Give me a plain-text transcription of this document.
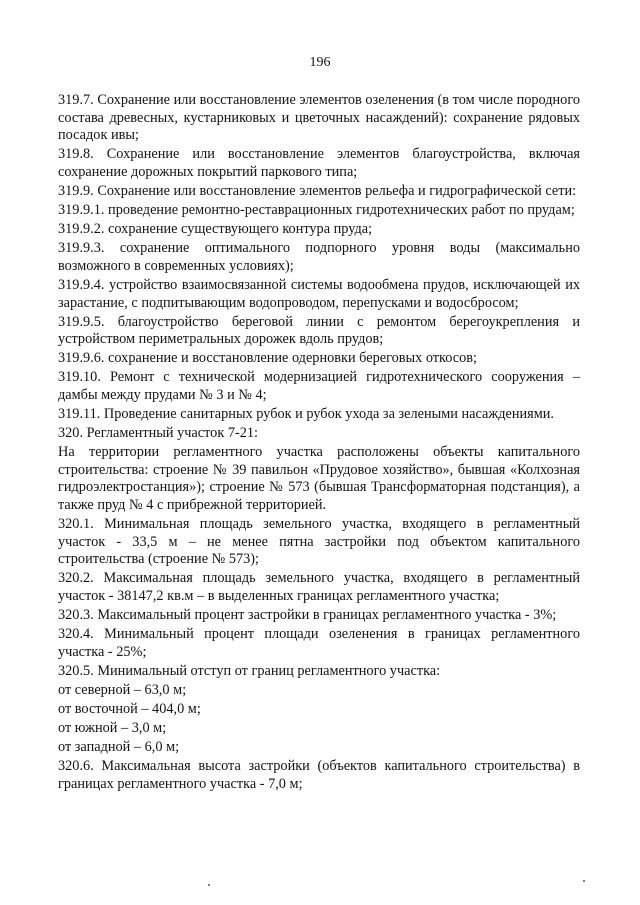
196

319.7. Сохранение или восстановление элементов озеленения (в том числе породного состава древесных, кустарниковых и цветочных насаждений): сохранение рядовых посадок ивы;

319.8. Сохранение или восстановление элементов благоустройства, включая сохранение дорожных покрытий паркового типа;

319.9. Сохранение или восстановление элементов рельефа и гидрографической сети:

319.9.1. проведение ремонтно-реставрационных гидротехнических работ по прудам;

319.9.2. сохранение существующего контура пруда;

319.9.3. сохранение оптимального подпорного уровня воды (максимально возможного в современных условиях);

319.9.4. устройство взаимосвязанной системы водообмена прудов, исключающей их зарастание, с подпитывающим водопроводом, перепусками и водосбросом;

319.9.5. благоустройство береговой линии с ремонтом берегоукрепления и устройством периметральных дорожек вдоль прудов;

319.9.6. сохранение и восстановление одерновки береговых откосов;

319.10. Ремонт с технической модернизацией гидротехнического сооружения – дамбы между прудами № 3 и № 4;

319.11. Проведение санитарных рубок и рубок ухода за зелеными насаждениями.

320. Регламентный участок 7-21:

На территории регламентного участка расположены объекты капитального строительства: строение № 39 павильон «Прудовое хозяйство», бывшая «Колхозная гидроэлектростанция»); строение № 573 (бывшая Трансформаторная подстанция), а также пруд № 4 с прибрежной территорией.

320.1. Минимальная площадь земельного участка, входящего в регламентный участок - 33,5 м – не менее пятна застройки под объектом капитального строительства (строение № 573);

320.2. Максимальная площадь земельного участка, входящего в регламентный участок - 38147,2 кв.м – в выделенных границах регламентного участка;

320.3. Максимальный процент застройки в границах регламентного участка - 3%;

320.4. Минимальный процент площади озеленения в границах регламентного участка - 25%;

320.5. Минимальный отступ от границ регламентного участка:

от северной – 63,0 м;

от восточной – 404,0 м;

от южной – 3,0 м;

от западной – 6,0 м;

320.6. Максимальная высота застройки (объектов капитального строительства) в границах регламентного участка - 7,0 м;
